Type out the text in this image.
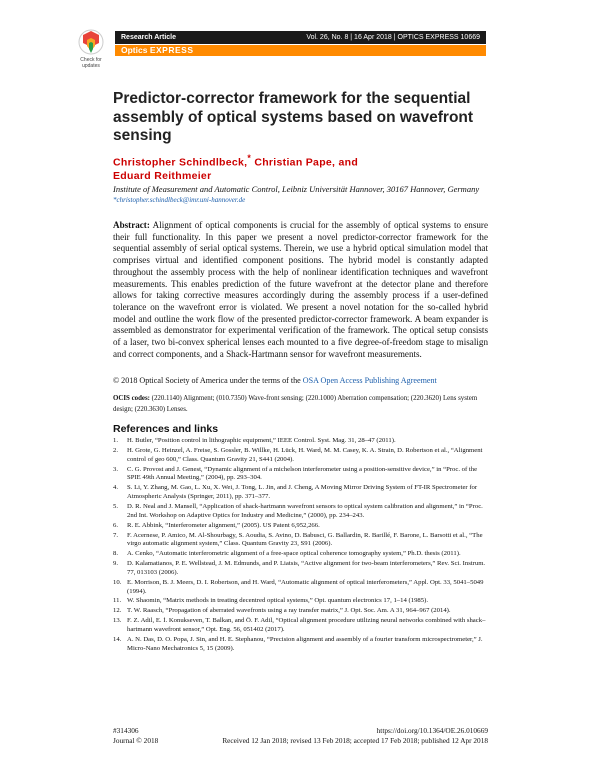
Check for updates
Research Article	Vol. 26, No. 8 | 16 Apr 2018 | OPTICS EXPRESS 10669
Optics EXPRESS
Predictor-corrector framework for the sequential assembly of optical systems based on wavefront sensing
Christopher Schindlbeck,* Christian Pape, and
Eduard Reithmeier
Institute of Measurement and Automatic Control, Leibniz Universität Hannover, 30167 Hannover, Germany
*christopher.schindlbeck@imr.uni-hannover.de
Abstract: Alignment of optical components is crucial for the assembly of optical systems to ensure their full functionality. In this paper we present a novel predictor-corrector framework for the sequential assembly of serial optical systems. Therein, we use a hybrid optical simulation model that comprises virtual and identified component positions. The hybrid model is constantly adapted throughout the assembly process with the help of nonlinear identification techniques and wavefront measurements. This enables prediction of the future wavefront at the detector plane and therefore allows for taking corrective measures accordingly during the assembly process if a user-defined tolerance on the wavefront error is violated. We present a novel notation for the so-called hybrid model and outline the work flow of the presented predictor-corrector framework. A beam expander is assembled as demonstrator for experimental verification of the framework. The optical setup consists of a laser, two bi-convex spherical lenses each mounted to a five degree-of-freedom stage to misalign and correct components, and a Shack-Hartmann sensor for wavefront measurements.
© 2018 Optical Society of America under the terms of the OSA Open Access Publishing Agreement
OCIS codes: (220.1140) Alignment; (010.7350) Wave-front sensing; (220.1000) Aberration compensation; (220.3620) Lens system design; (220.3630) Lenses.
References and links
1. H. Butler, “Position control in lithographic equipment,” IEEE Control. Syst. Mag. 31, 28–47 (2011).
2. H. Grote, G. Heinzel, A. Freise, S. Gossler, B. Willke, H. Lück, H. Ward, M. M. Casey, K. A. Strain, D. Robertson et al., “Alignment control of geo 600,” Class. Quantum Gravity 21, S441 (2004).
3. C. G. Provost and J. Genest, “Dynamic alignment of a michelson interferometer using a position-sensitive device,” in “Proc. of the SPIE 49th Annual Meeting,” (2004), pp. 293–304.
4. S. Li, Y. Zhang, M. Gao, L. Xu, X. Wei, J. Tong, L. Jin, and J. Cheng, A Moving Mirror Driving System of FT-IR Spectrometer for Atmospheric Analysis (Springer, 2011), pp. 371–377.
5. D. R. Neal and J. Mansell, “Application of shack-hartmann wavefront sensors to optical system calibration and alignment,” in “Proc. 2nd Int. Workshop on Adaptive Optics for Industry and Medicine,” (2000), pp. 234–243.
6. R. E. Abbink, “Interferometer alignment,” (2005). US Patent 6,952,266.
7. F. Acernese, P. Amico, M. Al-Shourbagy, S. Aoudia, S. Avino, D. Babusci, G. Ballardin, R. Barillé, F. Barone, L. Barsotti et al., “The virgo automatic alignment system,” Class. Quantum Gravity 23, S91 (2006).
8. A. Cenko, “Automatic interferometric alignment of a free-space optical coherence tomography system,” Ph.D. thesis (2011).
9. D. Kalamatianos, P. E. Wellstead, J. M. Edmunds, and P. Liatsis, “Active alignment for two-beam interferometers,” Rev. Sci. Instrum. 77, 013103 (2006).
10. E. Morrison, B. J. Meers, D. I. Robertson, and H. Ward, “Automatic alignment of optical interferometers,” Appl. Opt. 33, 5041–5049 (1994).
11. W. Shaomin, “Matrix methods in treating decentred optical systems,” Opt. quantum electronics 17, 1–14 (1985).
12. T. W. Raasch, “Propagation of aberrated wavefronts using a ray transfer matrix,” J. Opt. Soc. Am. A 31, 964–967 (2014).
13. F. Z. Adil, E. İ. Konukseven, T. Balkan, and Ö. F. Adil, “Optical alignment procedure utilizing neural networks combined with shack–hartmann wavefront sensor,” Opt. Eng. 56, 051402 (2017).
14. A. N. Das, D. O. Popa, J. Sin, and H. E. Stephanou, “Precision alignment and assembly of a fourier transform microspectrometer,” J. Micro-Nano Mechatronics 5, 15 (2009).
#314306	https://doi.org/10.1364/OE.26.010669
Journal © 2018	Received 12 Jan 2018; revised 13 Feb 2018; accepted 17 Feb 2018; published 12 Apr 2018
